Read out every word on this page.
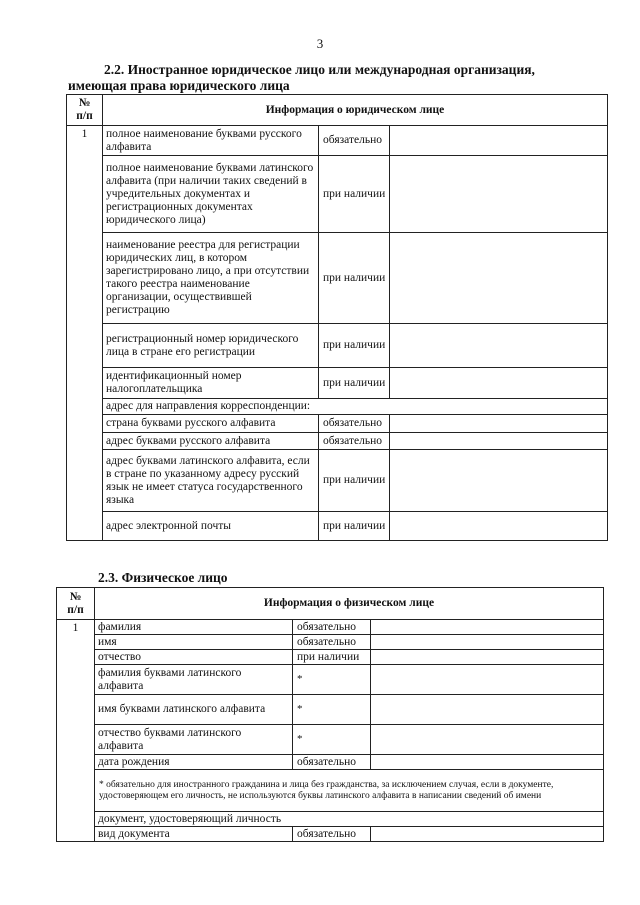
3
2.2. Иностранное юридическое лицо или международная организация,
имеющая права юридического лица
№
п/п	Информация о юридическом лице		
1	полное наименование буквами русского алфавита	обязательно	
	полное наименование буквами латинского алфавита (при наличии таких сведений в учредительных документах и регистрационных документах юридического лица)	при наличии	
	наименование реестра для регистрации юридических лиц, в котором зарегистрировано лицо, а при отсутствии такого реестра наименование организации, осуществившей регистрацию	при наличии	
	регистрационный номер юридического лица в стране его регистрации	при наличии	
	идентификационный номер налогоплательщика	при наличии	
	адрес для направления корреспонденции:		
	страна буквами русского алфавита	обязательно	
	адрес буквами русского алфавита	обязательно	
	адрес буквами латинского алфавита, если в стране по указанному адресу русский язык не имеет статуса государственного языка	при наличии	
	адрес электронной почты	при наличии	
2.3. Физическое лицо
№
п/п	Информация о физическом лице		
1	фамилия	обязательно	
	имя	обязательно	
	отчество	при наличии	
	фамилия буквами латинского алфавита	*	
	имя буквами латинского алфавита	*	
	отчество буквами латинского алфавита	*	
	дата рождения	обязательно	
	* обязательно для иностранного гражданина и лица без гражданства, за исключением случая, если в документе, удостоверяющем его личность, не используются буквы латинского алфавита в написании сведений об имени		
	документ, удостоверяющий личность		
	вид документа	обязательно	
